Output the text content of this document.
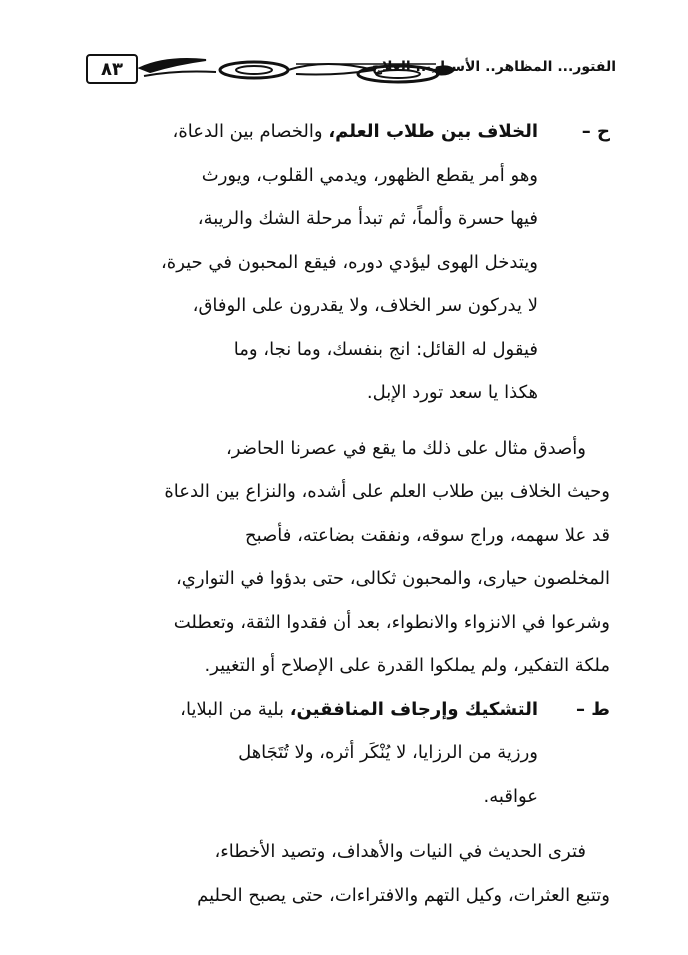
٨٣	الفتور... المظاهر.. الأسباب.. العلاج

ح –الخلاف بين طلاب العلم، والخصام بين الدعاة،

وهو أمر يقطع الظهور، ويدمي القلوب، ويورث

فيها حسرة وألماً، ثم تبدأ مرحلة الشك والريبة،

ويتدخل الهوى ليؤدي دوره، فيقع المحبون في حيرة،

لا يدركون سر الخلاف، ولا يقدرون على الوفاق،

فيقول له القائل: انج بنفسك، وما نجا، وما

هكذا يا سعد تورد الإبل.

وأصدق مثال على ذلك ما يقع في عصرنا الحاضر،

وحيث الخلاف بين طلاب العلم على أشده، والنزاع بين الدعاة

قد علا سهمه، وراج سوقه، ونفقت بضاعته، فأصبح

المخلصون حيارى، والمحبون ثكالى، حتى بدؤوا في التواري،

وشرعوا في الانزواء والانطواء، بعد أن فقدوا الثقة، وتعطلت

ملكة التفكير، ولم يملكوا القدرة على الإصلاح أو التغيير.

ط –التشكيك وإرجاف المنافقين، بلية من البلايا،

ورزية من الرزايا، لا يُنْكَر أثره، ولا تُتَجَاهل

عواقبه.

فترى الحديث في النيات والأهداف، وتصيد الأخطاء،

وتتبع العثرات، وكيل التهم والافتراءات، حتى يصبح الحليم
